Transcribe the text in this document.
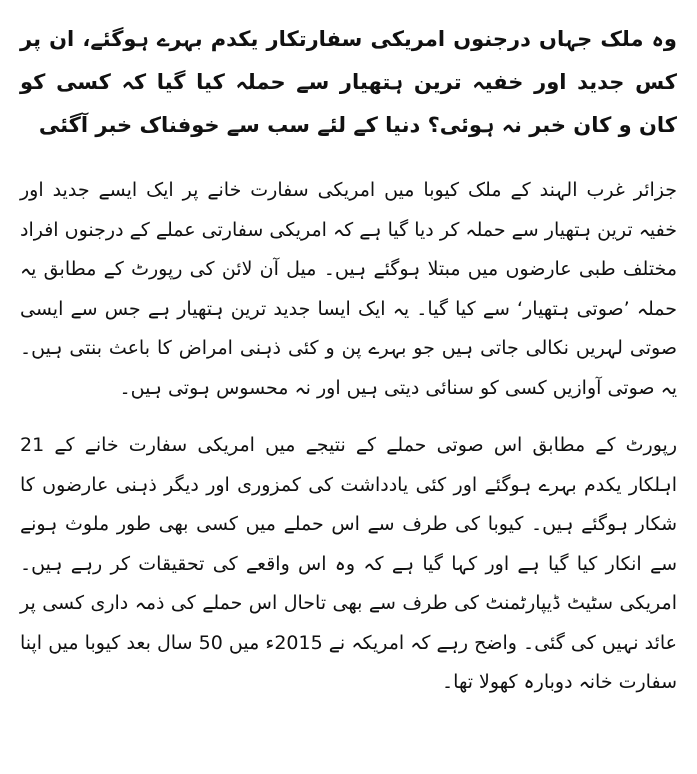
وہ ملک جہاں درجنوں امریکی سفارتکار یکدم بہرے ہوگئے، ان پر کس جدید اور خفیہ ترین ہتھیار سے حملہ کیا گیا کہ کسی کو کان و کان خبر نہ ہوئی؟ دنیا کے لئے سب سے خوفناک خبر آگئی

جزائر غرب الہند کے ملک کیوبا میں امریکی سفارت خانے پر ایک ایسے جدید اور خفیہ ترین ہتھیار سے حملہ کر دیا گیا ہے کہ امریکی سفارتی عملے کے درجنوں افراد مختلف طبی عارضوں میں مبتلا ہوگئے ہیں۔ میل آن لائن کی رپورٹ کے مطابق یہ حملہ ’صوتی ہتھیار‘ سے کیا گیا۔ یہ ایک ایسا جدید ترین ہتھیار ہے جس سے ایسی صوتی لہریں نکالی جاتی ہیں جو بہرے پن و کئی ذہنی امراض کا باعث بنتی ہیں۔ یہ صوتی آوازیں کسی کو سنائی دیتی ہیں اور نہ محسوس ہوتی ہیں۔

رپورٹ کے مطابق اس صوتی حملے کے نتیجے میں امریکی سفارت خانے کے 21 اہلکار یکدم بہرے ہوگئے اور کئی یادداشت کی کمزوری اور دیگر ذہنی عارضوں کا شکار ہوگئے ہیں۔ کیوبا کی طرف سے اس حملے میں کسی بھی طور ملوث ہونے سے انکار کیا گیا ہے اور کہا گیا ہے کہ وہ اس واقعے کی تحقیقات کر رہے ہیں۔ امریکی سٹیٹ ڈیپارٹمنٹ کی طرف سے بھی تاحال اس حملے کی ذمہ داری کسی پر عائد نہیں کی گئی۔ واضح رہے کہ امریکہ نے 2015ء میں 50 سال بعد کیوبا میں اپنا سفارت خانہ دوبارہ کھولا تھا۔
